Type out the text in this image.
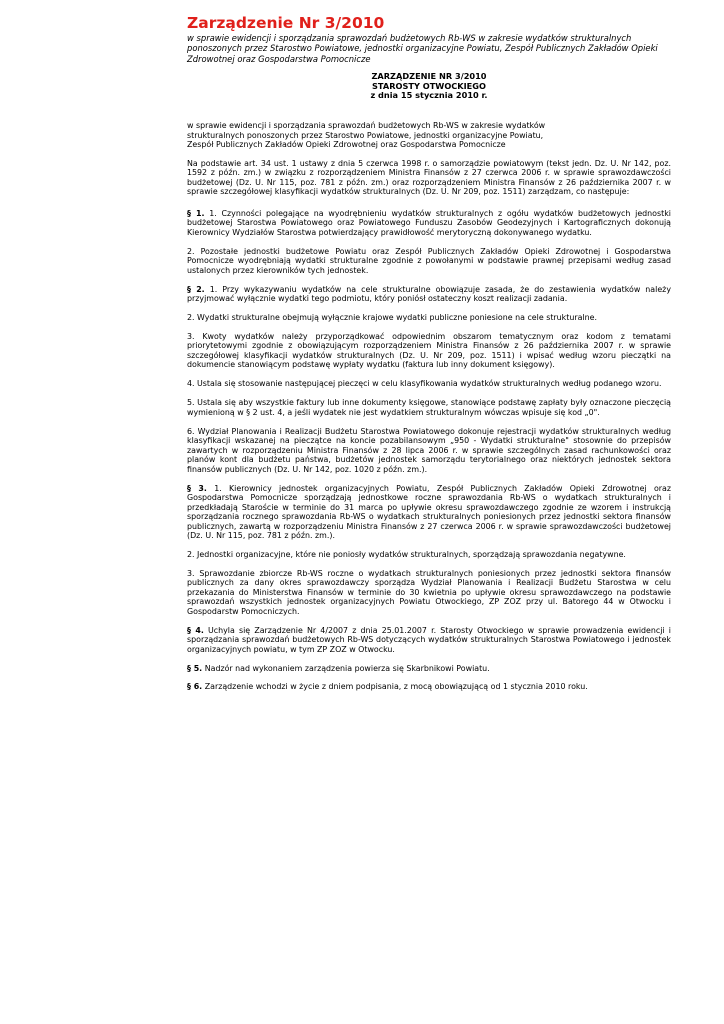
Zarządzenie Nr 3/2010
w sprawie ewidencji i sporządzania sprawozdań budżetowych Rb-WS w zakresie wydatków strukturalnych ponoszonych przez Starostwo Powiatowe, jednostki organizacyjne Powiatu, Zespół Publicznych Zakładów Opieki Zdrowotnej oraz Gospodarstwa Pomocnicze
ZARZĄDZENIE NR 3/2010
STAROSTY OTWOCKIEGO
z dnia 15 stycznia 2010 r.

w sprawie ewidencji i sporządzania sprawozdań budżetowych Rb-WS w zakresie wydatków strukturalnych ponoszonych przez Starostwo Powiatowe, jednostki organizacyjne Powiatu, Zespół Publicznych Zakładów Opieki Zdrowotnej oraz Gospodarstwa Pomocnicze

Na podstawie art. 34 ust. 1 ustawy z dnia 5 czerwca 1998 r. o samorządzie powiatowym (tekst jedn. Dz. U. Nr 142, poz. 1592 z późn. zm.) w związku z rozporządzeniem Ministra Finansów z 27 czerwca 2006 r. w sprawie sprawozdawczości budżetowej (Dz. U. Nr 115, poz. 781 z późn. zm.) oraz rozporządzeniem Ministra Finansów z 26 października 2007 r. w sprawie szczegółowej klasyfikacji wydatków strukturalnych (Dz. U. Nr 209, poz. 1511) zarządzam, co następuje:

§ 1. 1. Czynności polegające na wyodrębnieniu wydatków strukturalnych z ogółu wydatków budżetowych jednostki budżetowej Starostwa Powiatowego oraz Powiatowego Funduszu Zasobów Geodezyjnych i Kartograficznych dokonują Kierownicy Wydziałów Starostwa potwierdzający prawidłowość merytoryczną dokonywanego wydatku.

2. Pozostałe jednostki budżetowe Powiatu oraz Zespół Publicznych Zakładów Opieki Zdrowotnej i Gospodarstwa Pomocnicze wyodrębniają wydatki strukturalne zgodnie z powołanymi w podstawie prawnej przepisami według zasad ustalonych przez kierowników tych jednostek.

§ 2. 1. Przy wykazywaniu wydatków na cele strukturalne obowiązuje zasada, że do zestawienia wydatków należy przyjmować wyłącznie wydatki tego podmiotu, który poniósł ostateczny koszt realizacji zadania.

2. Wydatki strukturalne obejmują wyłącznie krajowe wydatki publiczne poniesione na cele strukturalne.

3. Kwoty wydatków należy przyporządkować odpowiednim obszarom tematycznym oraz kodom z tematami priorytetowymi zgodnie z obowiązującym rozporządzeniem Ministra Finansów z 26 października 2007 r. w sprawie szczegółowej klasyfikacji wydatków strukturalnych (Dz. U. Nr 209, poz. 1511) i wpisać według wzoru pieczątki na dokumencie stanowiącym podstawę wypłaty wydatku (faktura lub inny dokument księgowy).

4. Ustala się stosowanie następującej pieczęci w celu klasyfikowania wydatków strukturalnych według podanego wzoru.

5. Ustala się aby wszystkie faktury lub inne dokumenty księgowe, stanowiące podstawę zapłaty były oznaczone pieczęcią wymienioną w § 2 ust. 4, a jeśli wydatek nie jest wydatkiem strukturalnym wówczas wpisuje się kod „0".

6. Wydział Planowania i Realizacji Budżetu Starostwa Powiatowego dokonuje rejestracji wydatków strukturalnych według klasyfikacji wskazanej na pieczątce na koncie pozabilansowym „950 - Wydatki strukturalne" stosownie do przepisów zawartych w rozporządzeniu Ministra Finansów z 28 lipca 2006 r. w sprawie szczególnych zasad rachunkowości oraz planów kont dla budżetu państwa, budżetów jednostek samorządu terytorialnego oraz niektórych jednostek sektora finansów publicznych (Dz. U. Nr 142, poz. 1020 z późn. zm.).

§ 3. 1. Kierownicy jednostek organizacyjnych Powiatu, Zespół Publicznych Zakładów Opieki Zdrowotnej oraz Gospodarstwa Pomocnicze sporządzają jednostkowe roczne sprawozdania Rb-WS o wydatkach strukturalnych i przedkładają Staroście w terminie do 31 marca po upływie okresu sprawozdawczego zgodnie ze wzorem i instrukcją sporządzania rocznego sprawozdania Rb-WS o wydatkach strukturalnych poniesionych przez jednostki sektora finansów publicznych, zawartą w rozporządzeniu Ministra Finansów z 27 czerwca 2006 r. w sprawie sprawozdawczości budżetowej (Dz. U. Nr 115, poz. 781 z późn. zm.).

2. Jednostki organizacyjne, które nie poniosły wydatków strukturalnych, sporządzają sprawozdania negatywne.

3. Sprawozdanie zbiorcze Rb-WS roczne o wydatkach strukturalnych poniesionych przez jednostki sektora finansów publicznych za dany okres sprawozdawczy sporządza Wydział Planowania i Realizacji Budżetu Starostwa w celu przekazania do Ministerstwa Finansów w terminie do 30 kwietnia po upływie okresu sprawozdawczego na podstawie sprawozdań wszystkich jednostek organizacyjnych Powiatu Otwockiego, ZP ZOZ przy ul. Batorego 44 w Otwocku i Gospodarstw Pomocniczych.

§ 4. Uchyla się Zarządzenie Nr 4/2007 z dnia 25.01.2007 r. Starosty Otwockiego w sprawie prowadzenia ewidencji i sporządzania sprawozdań budżetowych Rb-WS dotyczących wydatków strukturalnych Starostwa Powiatowego i jednostek organizacyjnych powiatu, w tym ZP ZOZ w Otwocku.

§ 5. Nadzór nad wykonaniem zarządzenia powierza się Skarbnikowi Powiatu.

§ 6. Zarządzenie wchodzi w życie z dniem podpisania, z mocą obowiązującą od 1 stycznia 2010 roku.
